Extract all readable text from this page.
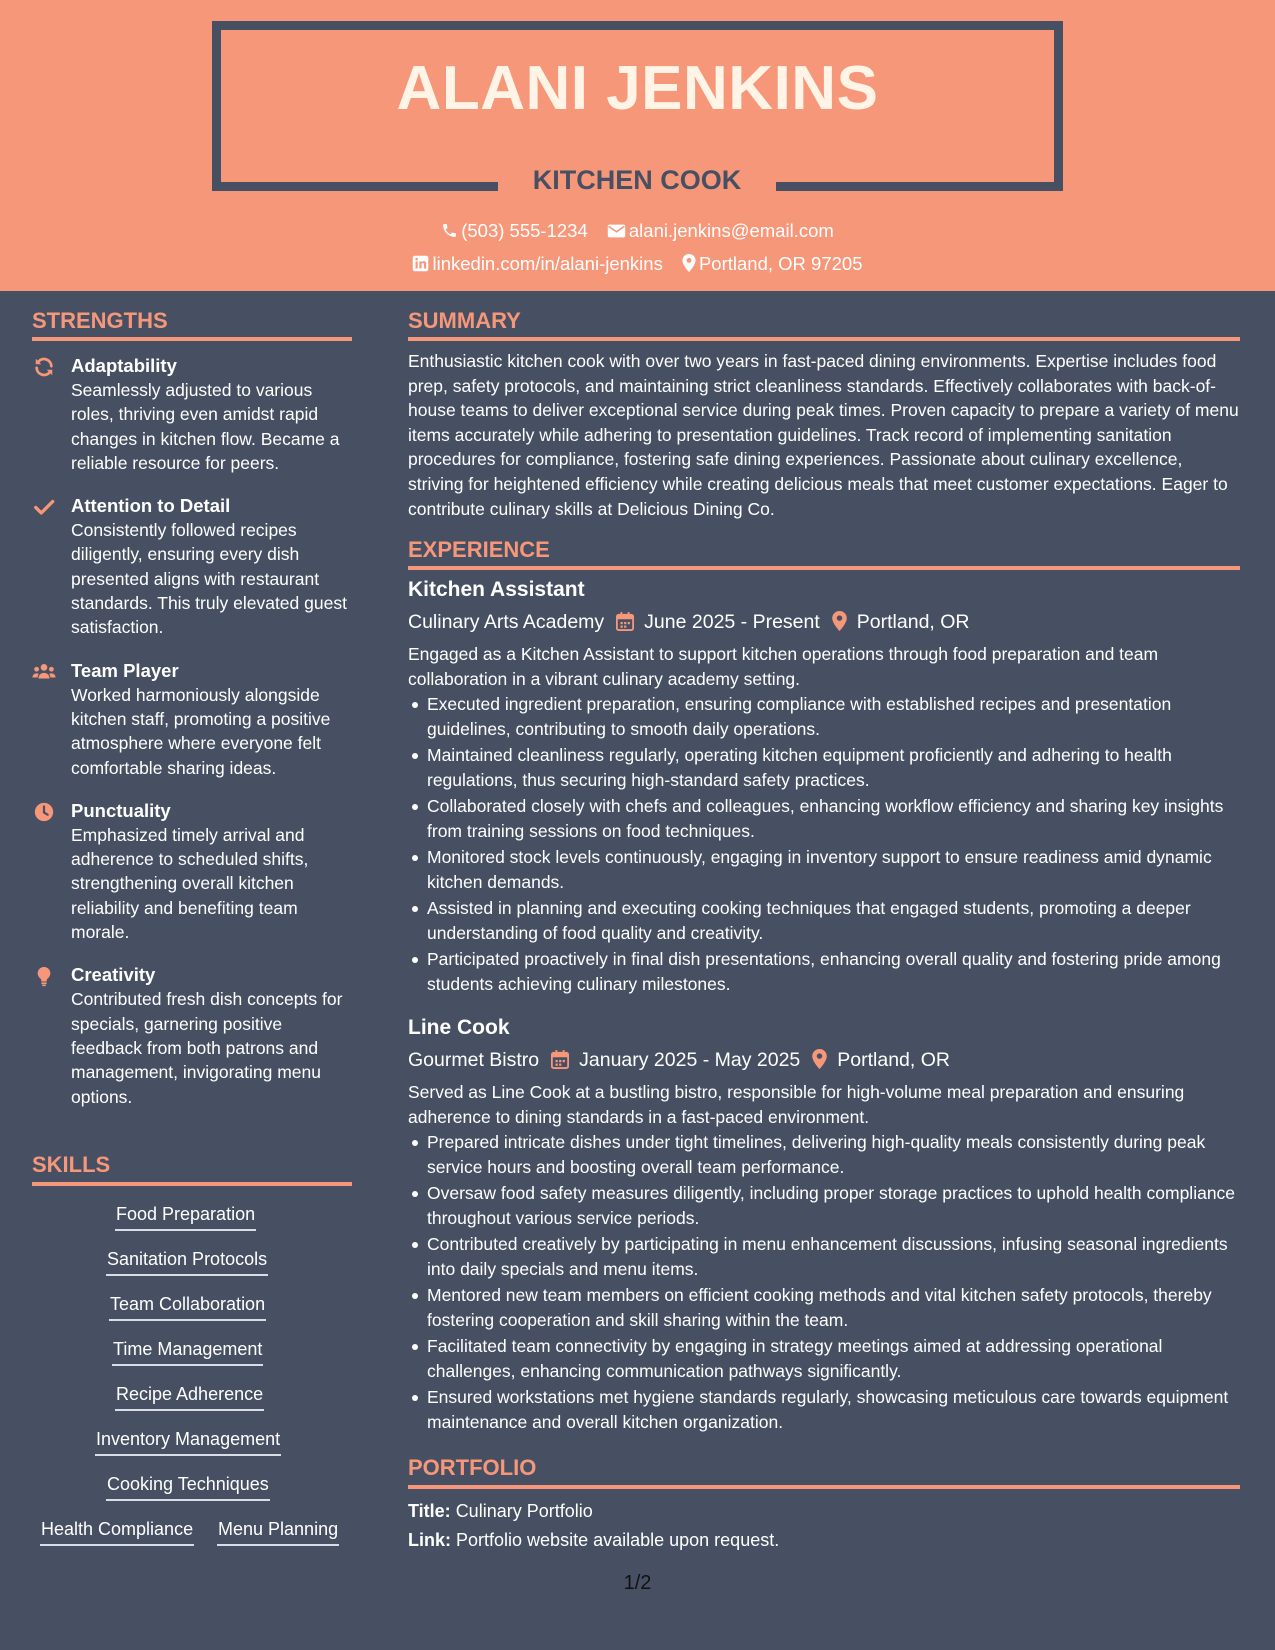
ALANI JENKINS
KITCHEN COOK
(503) 555-1234 alani.jenkins@email.com
linkedin.com/in/alani-jenkins Portland, OR 97205
STRENGTHS
Adaptability
Seamlessly adjusted to various roles, thriving even amidst rapid changes in kitchen flow. Became a reliable resource for peers.
Attention to Detail
Consistently followed recipes diligently, ensuring every dish presented aligns with restaurant standards. This truly elevated guest satisfaction.
Team Player
Worked harmoniously alongside kitchen staff, promoting a positive atmosphere where everyone felt comfortable sharing ideas.
Punctuality
Emphasized timely arrival and adherence to scheduled shifts, strengthening overall kitchen reliability and benefiting team morale.
Creativity
Contributed fresh dish concepts for specials, garnering positive feedback from both patrons and management, invigorating menu options.
SKILLS
Food Preparation
Sanitation Protocols
Team Collaboration
Time Management
Recipe Adherence
Inventory Management
Cooking Techniques
Health Compliance Menu Planning
SUMMARY
Enthusiastic kitchen cook with over two years in fast-paced dining environments. Expertise includes food prep, safety protocols, and maintaining strict cleanliness standards. Effectively collaborates with back-of-house teams to deliver exceptional service during peak times. Proven capacity to prepare a variety of menu items accurately while adhering to presentation guidelines. Track record of implementing sanitation procedures for compliance, fostering safe dining experiences. Passionate about culinary excellence, striving for heightened efficiency while creating delicious meals that meet customer expectations. Eager to contribute culinary skills at Delicious Dining Co.
EXPERIENCE
Kitchen Assistant
Culinary Arts Academy June 2025 - Present Portland, OR
Engaged as a Kitchen Assistant to support kitchen operations through food preparation and team collaboration in a vibrant culinary academy setting.
Executed ingredient preparation, ensuring compliance with established recipes and presentation guidelines, contributing to smooth daily operations.
Maintained cleanliness regularly, operating kitchen equipment proficiently and adhering to health regulations, thus securing high-standard safety practices.
Collaborated closely with chefs and colleagues, enhancing workflow efficiency and sharing key insights from training sessions on food techniques.
Monitored stock levels continuously, engaging in inventory support to ensure readiness amid dynamic kitchen demands.
Assisted in planning and executing cooking techniques that engaged students, promoting a deeper understanding of food quality and creativity.
Participated proactively in final dish presentations, enhancing overall quality and fostering pride among students achieving culinary milestones.
Line Cook
Gourmet Bistro January 2025 - May 2025 Portland, OR
Served as Line Cook at a bustling bistro, responsible for high-volume meal preparation and ensuring adherence to dining standards in a fast-paced environment.
Prepared intricate dishes under tight timelines, delivering high-quality meals consistently during peak service hours and boosting overall team performance.
Oversaw food safety measures diligently, including proper storage practices to uphold health compliance throughout various service periods.
Contributed creatively by participating in menu enhancement discussions, infusing seasonal ingredients into daily specials and menu items.
Mentored new team members on efficient cooking methods and vital kitchen safety protocols, thereby fostering cooperation and skill sharing within the team.
Facilitated team connectivity by engaging in strategy meetings aimed at addressing operational challenges, enhancing communication pathways significantly.
Ensured workstations met hygiene standards regularly, showcasing meticulous care towards equipment maintenance and overall kitchen organization.
PORTFOLIO
Title: Culinary Portfolio
Link: Portfolio website available upon request.
1/2
